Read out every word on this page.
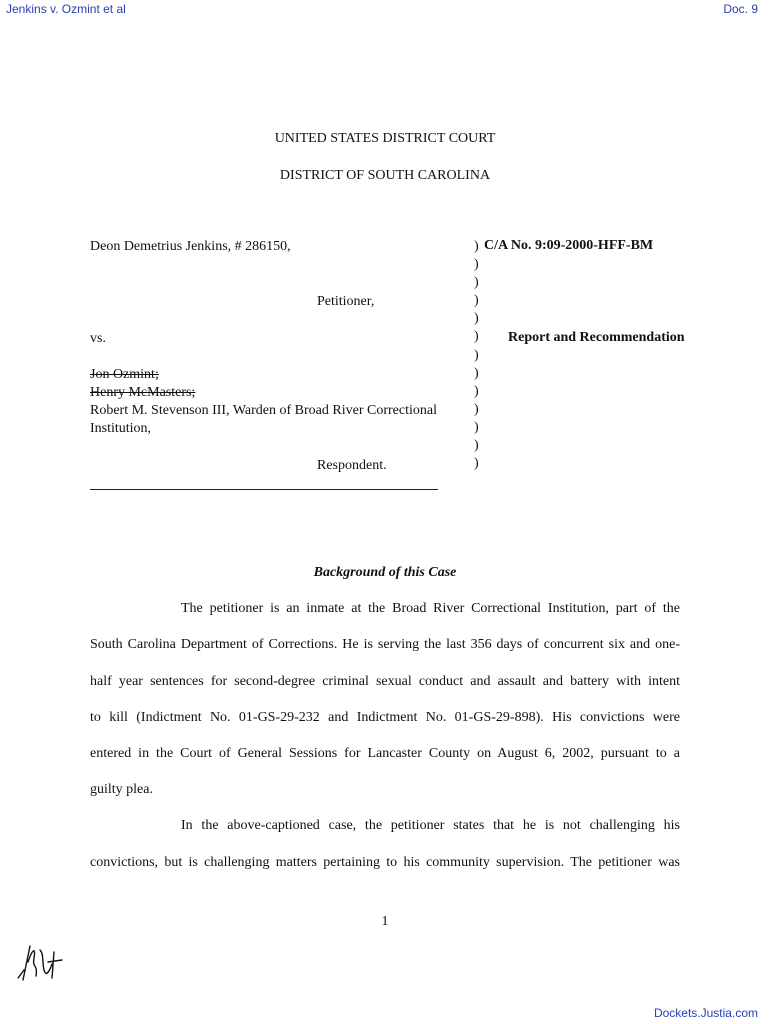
Jenkins v. Ozmint et al	Doc. 9
UNITED STATES DISTRICT COURT
DISTRICT OF SOUTH CAROLINA
Deon Demetrius Jenkins, # 286150,
Petitioner,
vs.
Jon Ozmint;
Henry McMasters;
Robert M. Stevenson III, Warden of Broad River Correctional
Institution,
Respondent.
)
)
)
)
)
)
)
)
)
)
)
)
)
C/A No. 9:09-2000-HFF-BM
Report and Recommendation
Background of this Case
The petitioner is an inmate at the Broad River Correctional Institution, part of the
South Carolina Department of Corrections. He is serving the last 356 days of concurrent six and one-
half year sentences for second-degree criminal sexual conduct and assault and battery with intent
to kill (Indictment No. 01-GS-29-232 and Indictment No. 01-GS-29-898). His convictions were
entered in the Court of General Sessions for Lancaster County on August 6, 2002, pursuant to a
guilty plea.
In the above-captioned case, the petitioner states that he is not challenging his
convictions, but is challenging matters pertaining to his community supervision. The petitioner was
1
Dockets.Justia.com
